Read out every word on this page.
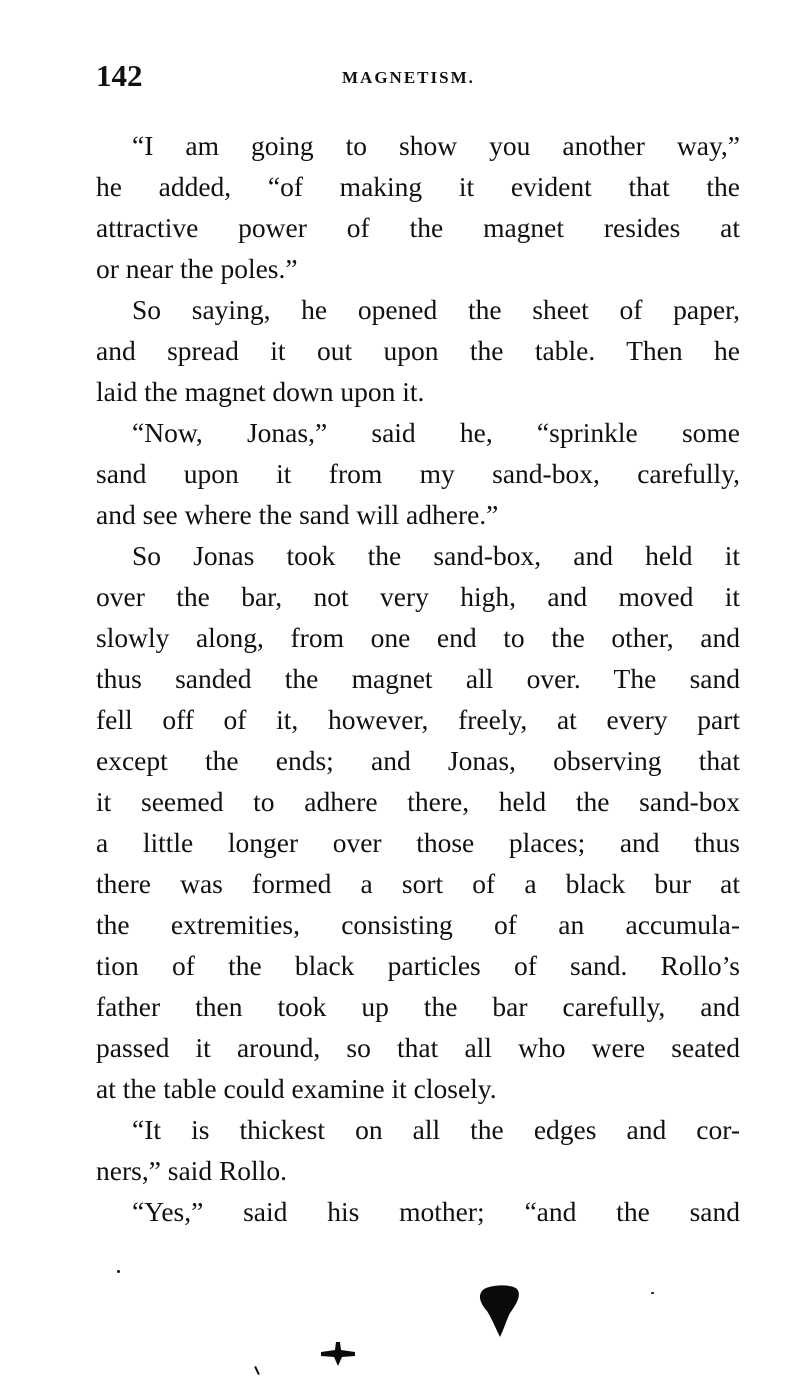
142	MAGNETISM.
“I am going to show you another way,”
he added, “of making it evident that the
attractive power of the magnet resides at
or near the poles.”
So saying, he opened the sheet of paper,
and spread it out upon the table. Then he
laid the magnet down upon it.
“Now, Jonas,” said he, “sprinkle some
sand upon it from my sand-box, carefully,
and see where the sand will adhere.”
So Jonas took the sand-box, and held it
over the bar, not very high, and moved it
slowly along, from one end to the other, and
thus sanded the magnet all over. The sand
fell off of it, however, freely, at every part
except the ends; and Jonas, observing that
it seemed to adhere there, held the sand-box
a little longer over those places; and thus
there was formed a sort of a black bur at
the extremities, consisting of an accumula-
tion of the black particles of sand. Rollo’s
father then took up the bar carefully, and
passed it around, so that all who were seated
at the table could examine it closely.
“It is thickest on all the edges and cor-
ners,” said Rollo.
“Yes,” said his mother; “and the sand
